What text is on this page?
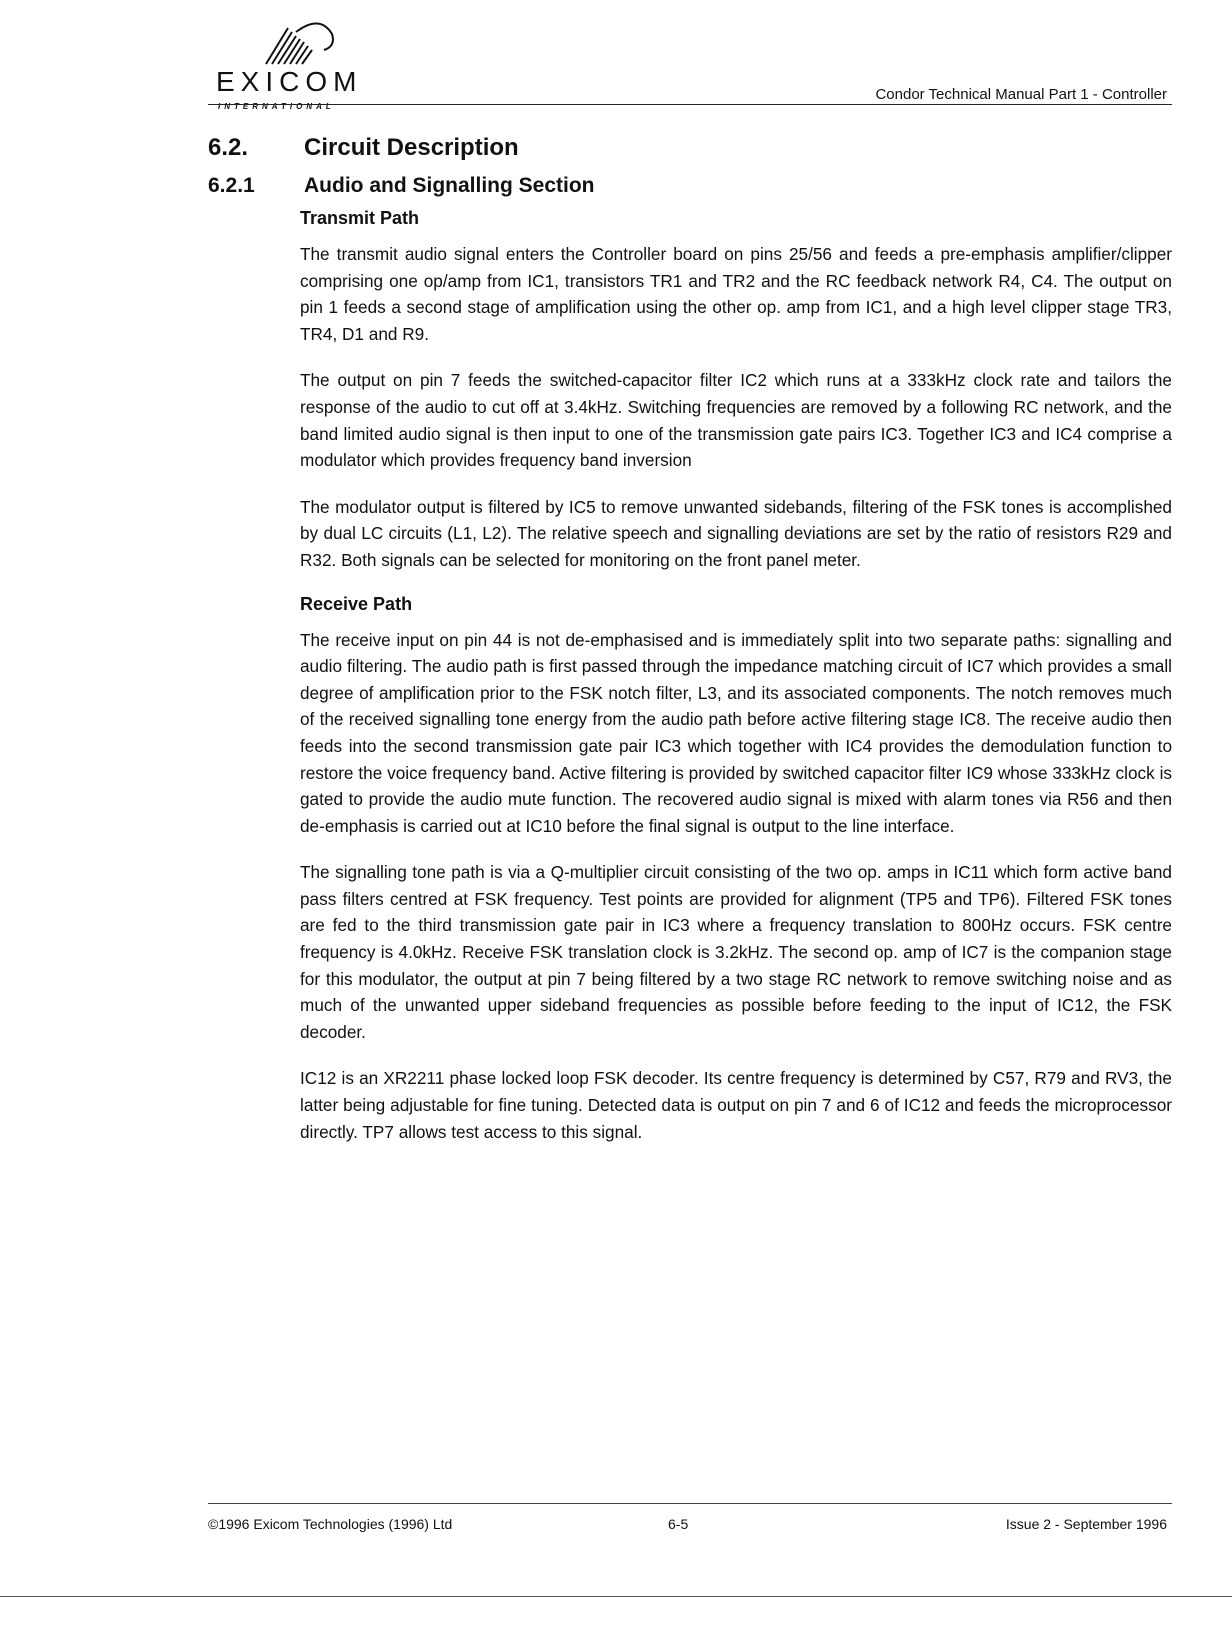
EXICOM
INTERNATIONAL
Condor Technical Manual Part 1 - Controller
6.2. Circuit Description
6.2.1 Audio and Signalling Section
Transmit Path

The transmit audio signal enters the Controller board on pins 25/56 and feeds a pre-emphasis amplifier/clipper comprising one op/amp from IC1, transistors TR1 and TR2 and the RC feedback network R4, C4. The output on pin 1 feeds a second stage of amplification using the other op. amp from IC1, and a high level clipper stage TR3, TR4, D1 and R9.

The output on pin 7 feeds the switched-capacitor filter IC2 which runs at a 333kHz clock rate and tailors the response of the audio to cut off at 3.4kHz. Switching frequencies are removed by a following RC network, and the band limited audio signal is then input to one of the transmission gate pairs IC3. Together IC3 and IC4 comprise a modulator which provides frequency band inversion

The modulator output is filtered by IC5 to remove unwanted sidebands, filtering of the FSK tones is accomplished by dual LC circuits (L1, L2). The relative speech and signalling deviations are set by the ratio of resistors R29 and R32. Both signals can be selected for monitoring on the front panel meter.

Receive Path

The receive input on pin 44 is not de-emphasised and is immediately split into two separate paths: signalling and audio filtering. The audio path is first passed through the impedance matching circuit of IC7 which provides a small degree of amplification prior to the FSK notch filter, L3, and its associated components. The notch removes much of the received signalling tone energy from the audio path before active filtering stage IC8. The receive audio then feeds into the second transmission gate pair IC3 which together with IC4 provides the demodulation function to restore the voice frequency band. Active filtering is provided by switched capacitor filter IC9 whose 333kHz clock is gated to provide the audio mute function. The recovered audio signal is mixed with alarm tones via R56 and then de-emphasis is carried out at IC10 before the final signal is output to the line interface.

The signalling tone path is via a Q-multiplier circuit consisting of the two op. amps in IC11 which form active band pass filters centred at FSK frequency. Test points are provided for alignment (TP5 and TP6). Filtered FSK tones are fed to the third transmission gate pair in IC3 where a frequency translation to 800Hz occurs. FSK centre frequency is 4.0kHz. Receive FSK translation clock is 3.2kHz. The second op. amp of IC7 is the companion stage for this modulator, the output at pin 7 being filtered by a two stage RC network to remove switching noise and as much of the unwanted upper sideband frequencies as possible before feeding to the input of IC12, the FSK decoder.

IC12 is an XR2211 phase locked loop FSK decoder. Its centre frequency is determined by C57, R79 and RV3, the latter being adjustable for fine tuning. Detected data is output on pin 7 and 6 of IC12 and feeds the microprocessor directly. TP7 allows test access to this signal.

©1996 Exicom Technologies (1996) Ltd	6-5	Issue 2 - September 1996
